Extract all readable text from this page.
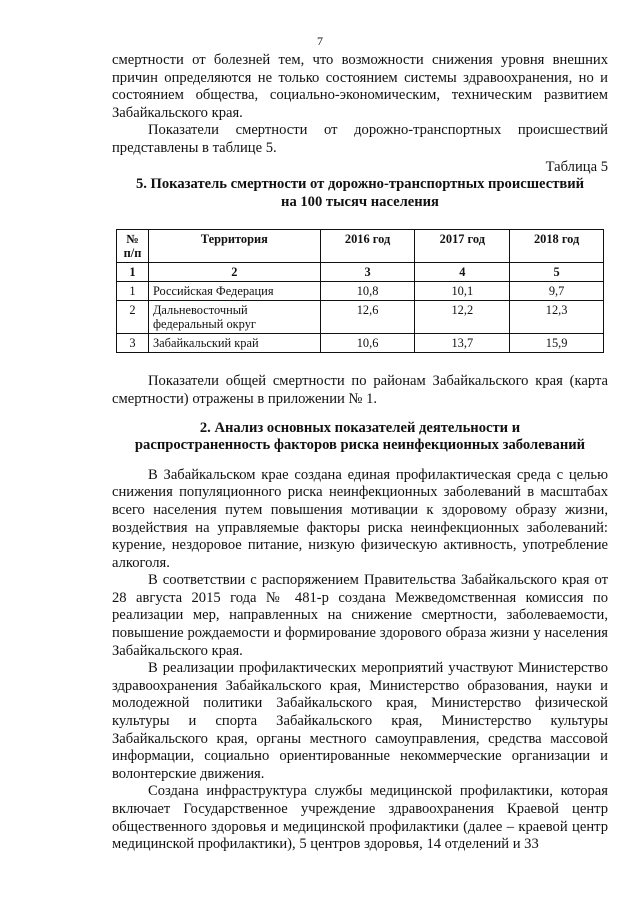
7

смертности от болезней тем, что возможности снижения уровня внешних причин определяются не только состоянием системы здравоохранения, но и состоянием общества, социально-экономическим, техническим развитием Забайкальского края.

Показатели смертности от дорожно-транспортных происшествий представлены в таблице 5.

Таблица 5

5. Показатель смертности от дорожно-транспортных происшествий
на 100 тысяч населения
№ п/п	Территория	2016 год	2017 год	2018 год
1	2	3	4	5
1	Российская Федерация	10,8	10,1	9,7
2	Дальневосточный федеральный округ	12,6	12,2	12,3
3	Забайкальский край	10,6	13,7	15,9

Показатели общей смертности по районам Забайкальского края (карта смертности) отражены в приложении № 1.

2. Анализ основных показателей деятельности и
распространенность факторов риска неинфекционных заболеваний

В Забайкальском крае создана единая профилактическая среда с целью снижения популяционного риска неинфекционных заболеваний в масштабах всего населения путем повышения мотивации к здоровому образу жизни, воздействия на управляемые факторы риска неинфекционных заболеваний: курение, нездоровое питание, низкую физическую активность, употребление алкоголя.

В соответствии с распоряжением Правительства Забайкальского края от 28 августа 2015 года № 481-р создана Межведомственная комиссия по реализации мер, направленных на снижение смертности, заболеваемости, повышение рождаемости и формирование здорового образа жизни у населения Забайкальского края.

В реализации профилактических мероприятий участвуют Министерство здравоохранения Забайкальского края, Министерство образования, науки и молодежной политики Забайкальского края, Министерство физической культуры и спорта Забайкальского края, Министерство культуры Забайкальского края, органы местного самоуправления, средства массовой информации, социально ориентированные некоммерческие организации и волонтерские движения.

Создана инфраструктура службы медицинской профилактики, которая включает Государственное учреждение здравоохранения Краевой центр общественного здоровья и медицинской профилактики (далее – краевой центр медицинской профилактики), 5 центров здоровья, 14 отделений и 33
